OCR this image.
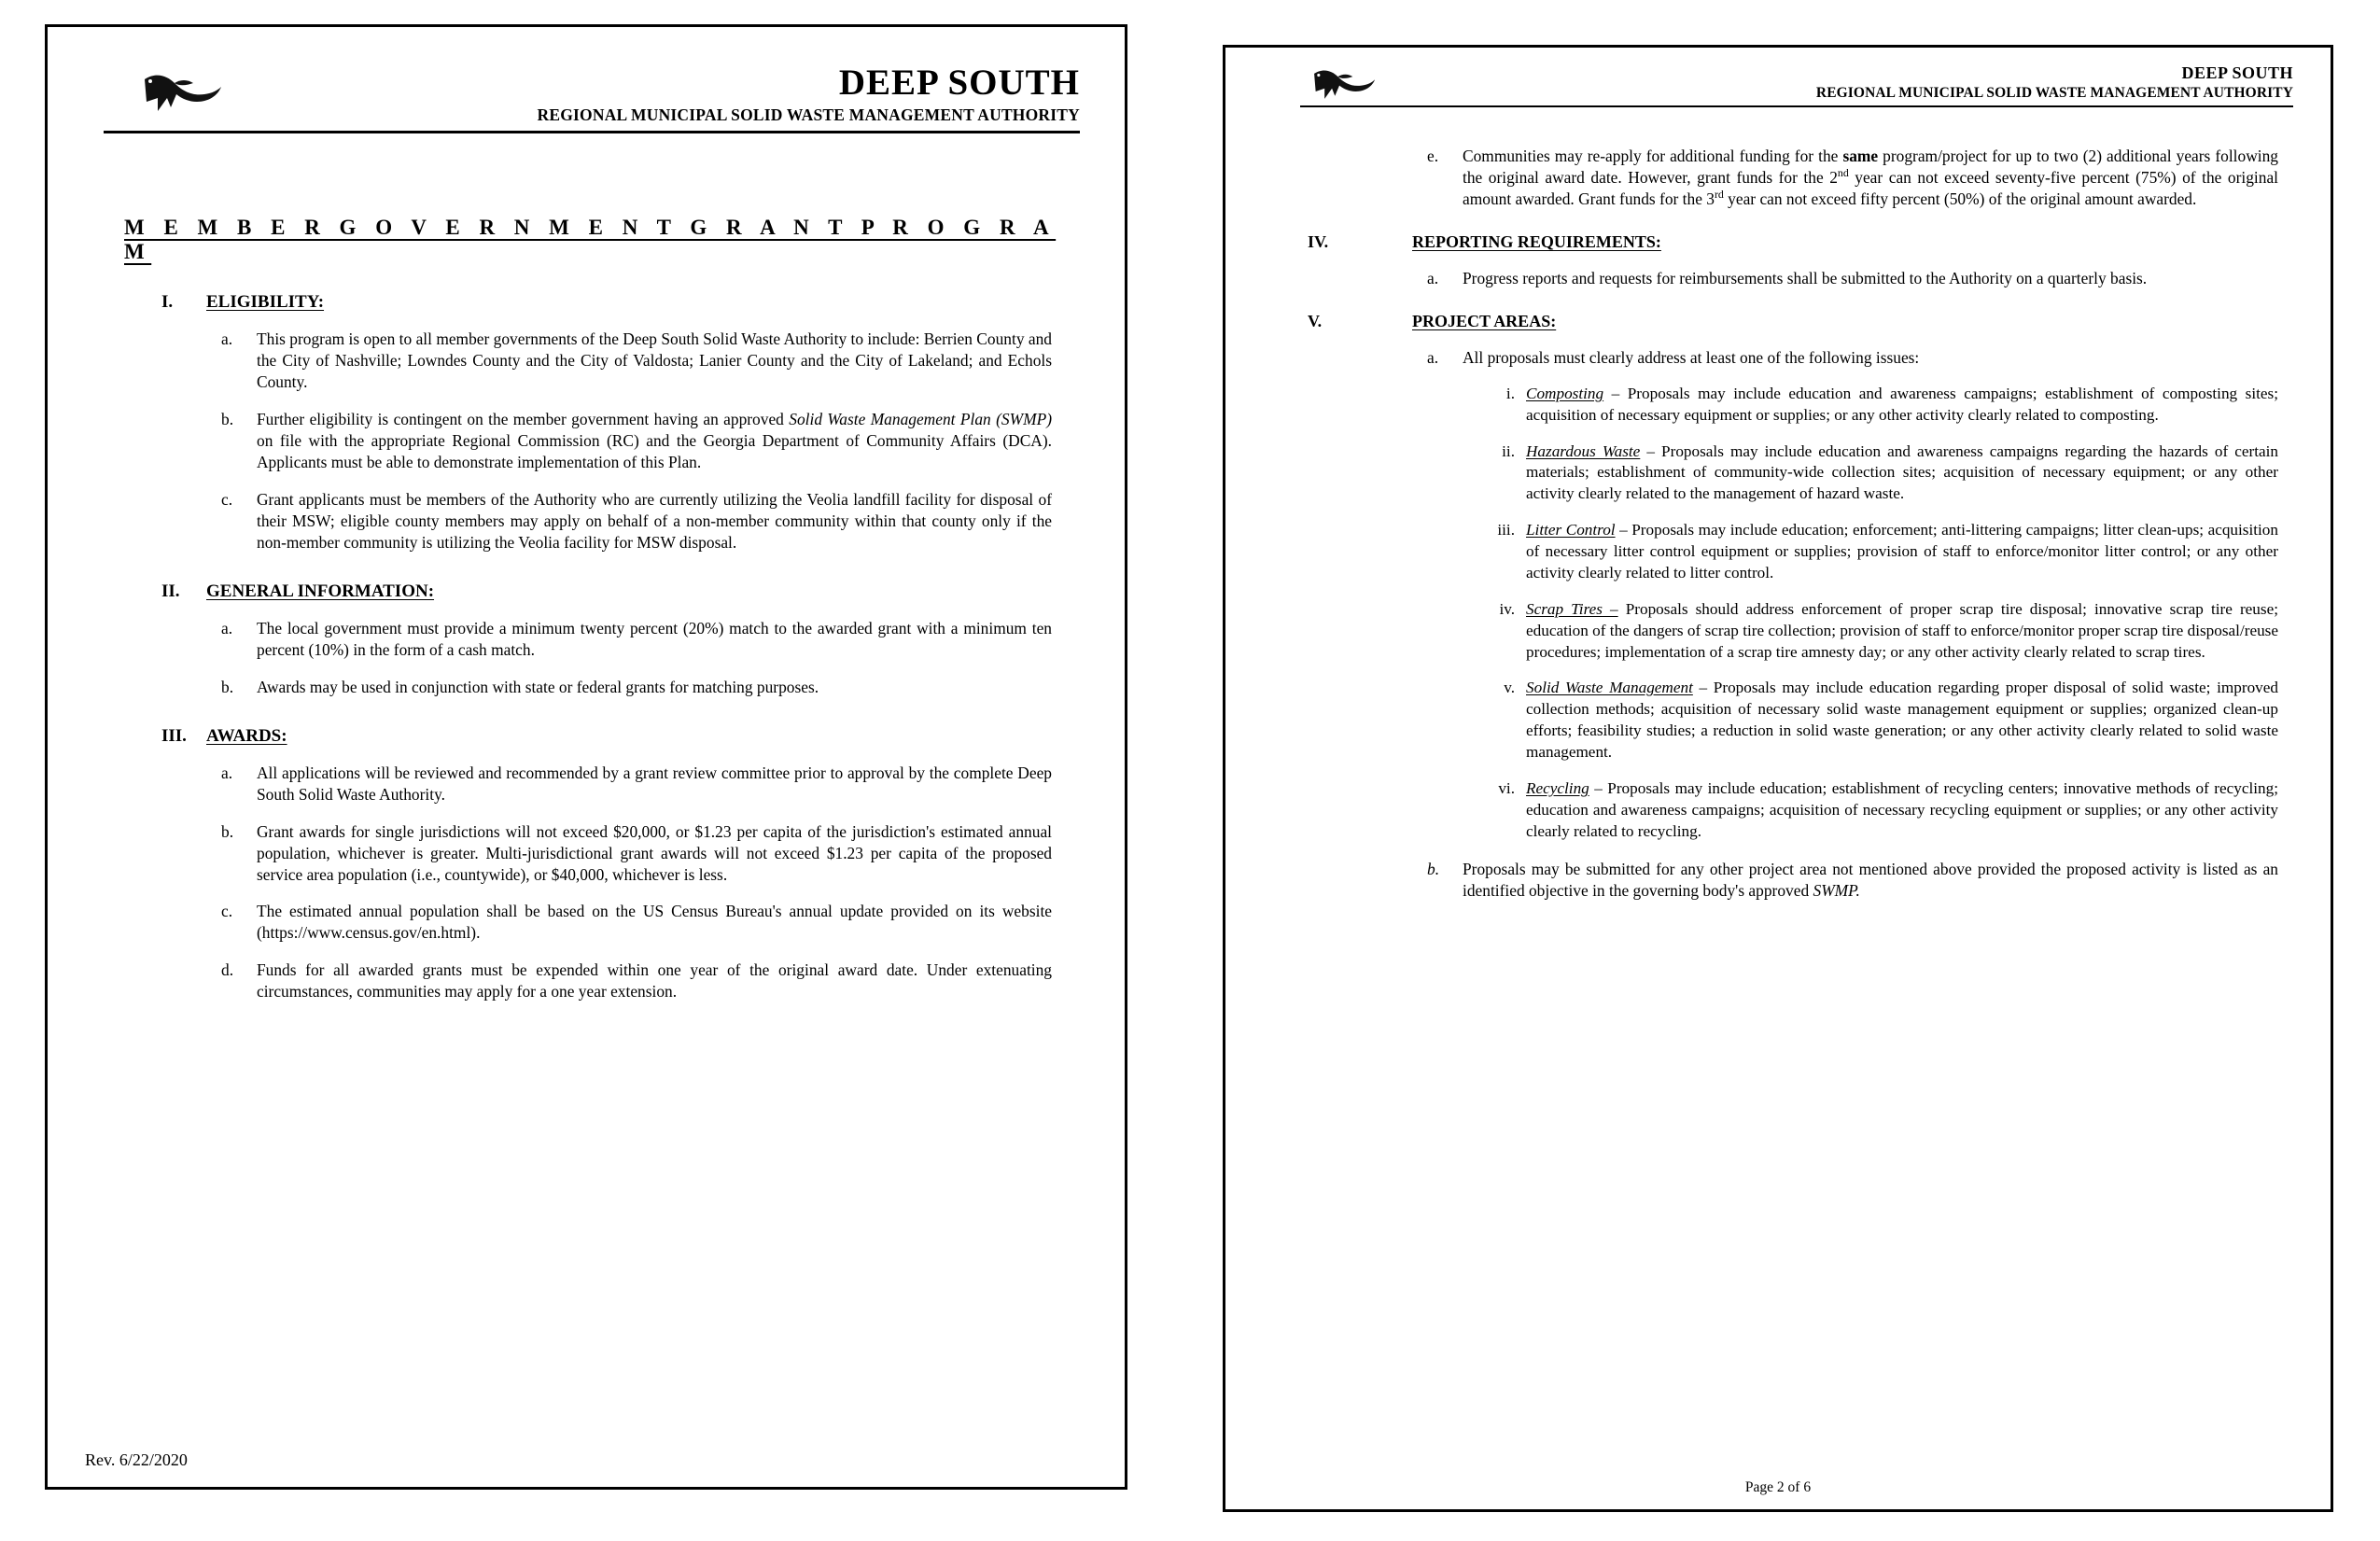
DEEP SOUTH
REGIONAL MUNICIPAL SOLID WASTE MANAGEMENT AUTHORITY
M E M B E R G O V E R N M E N T G R A N T P R O G R A M
I. ELIGIBILITY:
a. This program is open to all member governments of the Deep South Solid Waste Authority to include: Berrien County and the City of Nashville; Lowndes County and the City of Valdosta; Lanier County and the City of Lakeland; and Echols County.
b. Further eligibility is contingent on the member government having an approved Solid Waste Management Plan (SWMP) on file with the appropriate Regional Commission (RC) and the Georgia Department of Community Affairs (DCA). Applicants must be able to demonstrate implementation of this Plan.
c. Grant applicants must be members of the Authority who are currently utilizing the Veolia landfill facility for disposal of their MSW; eligible county members may apply on behalf of a non-member community within that county only if the non-member community is utilizing the Veolia facility for MSW disposal.
II. GENERAL INFORMATION:
a. The local government must provide a minimum twenty percent (20%) match to the awarded grant with a minimum ten percent (10%) in the form of a cash match.
b. Awards may be used in conjunction with state or federal grants for matching purposes.
III. AWARDS:
a. All applications will be reviewed and recommended by a grant review committee prior to approval by the complete Deep South Solid Waste Authority.
b. Grant awards for single jurisdictions will not exceed $20,000, or $1.23 per capita of the jurisdiction's estimated annual population, whichever is greater. Multi-jurisdictional grant awards will not exceed $1.23 per capita of the proposed service area population (i.e., countywide), or $40,000, whichever is less.
c. The estimated annual population shall be based on the US Census Bureau's annual update provided on its website (https://www.census.gov/en.html).
d. Funds for all awarded grants must be expended within one year of the original award date. Under extenuating circumstances, communities may apply for a one year extension.
Rev. 6/22/2020
DEEP SOUTH
REGIONAL MUNICIPAL SOLID WASTE MANAGEMENT AUTHORITY
e. Communities may re-apply for additional funding for the same program/project for up to two (2) additional years following the original award date. However, grant funds for the 2nd year can not exceed seventy-five percent (75%) of the original amount awarded. Grant funds for the 3rd year can not exceed fifty percent (50%) of the original amount awarded.
IV.	REPORTING REQUIREMENTS:
a. Progress reports and requests for reimbursements shall be submitted to the Authority on a quarterly basis.
V.	PROJECT AREAS:
a. All proposals must clearly address at least one of the following issues:
i. Composting – Proposals may include education and awareness campaigns; establishment of composting sites; acquisition of necessary equipment or supplies; or any other activity clearly related to composting.
ii. Hazardous Waste – Proposals may include education and awareness campaigns regarding the hazards of certain materials; establishment of community-wide collection sites; acquisition of necessary equipment; or any other activity clearly related to the management of hazard waste.
iii. Litter Control – Proposals may include education; enforcement; anti-littering campaigns; litter clean-ups; acquisition of necessary litter control equipment or supplies; provision of staff to enforce/monitor litter control; or any other activity clearly related to litter control.
iv. Scrap Tires – Proposals should address enforcement of proper scrap tire disposal; innovative scrap tire reuse; education of the dangers of scrap tire collection; provision of staff to enforce/monitor proper scrap tire disposal/reuse procedures; implementation of a scrap tire amnesty day; or any other activity clearly related to scrap tires.
v. Solid Waste Management – Proposals may include education regarding proper disposal of solid waste; improved collection methods; acquisition of necessary solid waste management equipment or supplies; organized clean-up efforts; feasibility studies; a reduction in solid waste generation; or any other activity clearly related to solid waste management.
vi. Recycling – Proposals may include education; establishment of recycling centers; innovative methods of recycling; education and awareness campaigns; acquisition of necessary recycling equipment or supplies; or any other activity clearly related to recycling.
b. Proposals may be submitted for any other project area not mentioned above provided the proposed activity is listed as an identified objective in the governing body's approved SWMP.
Page 2 of 6
